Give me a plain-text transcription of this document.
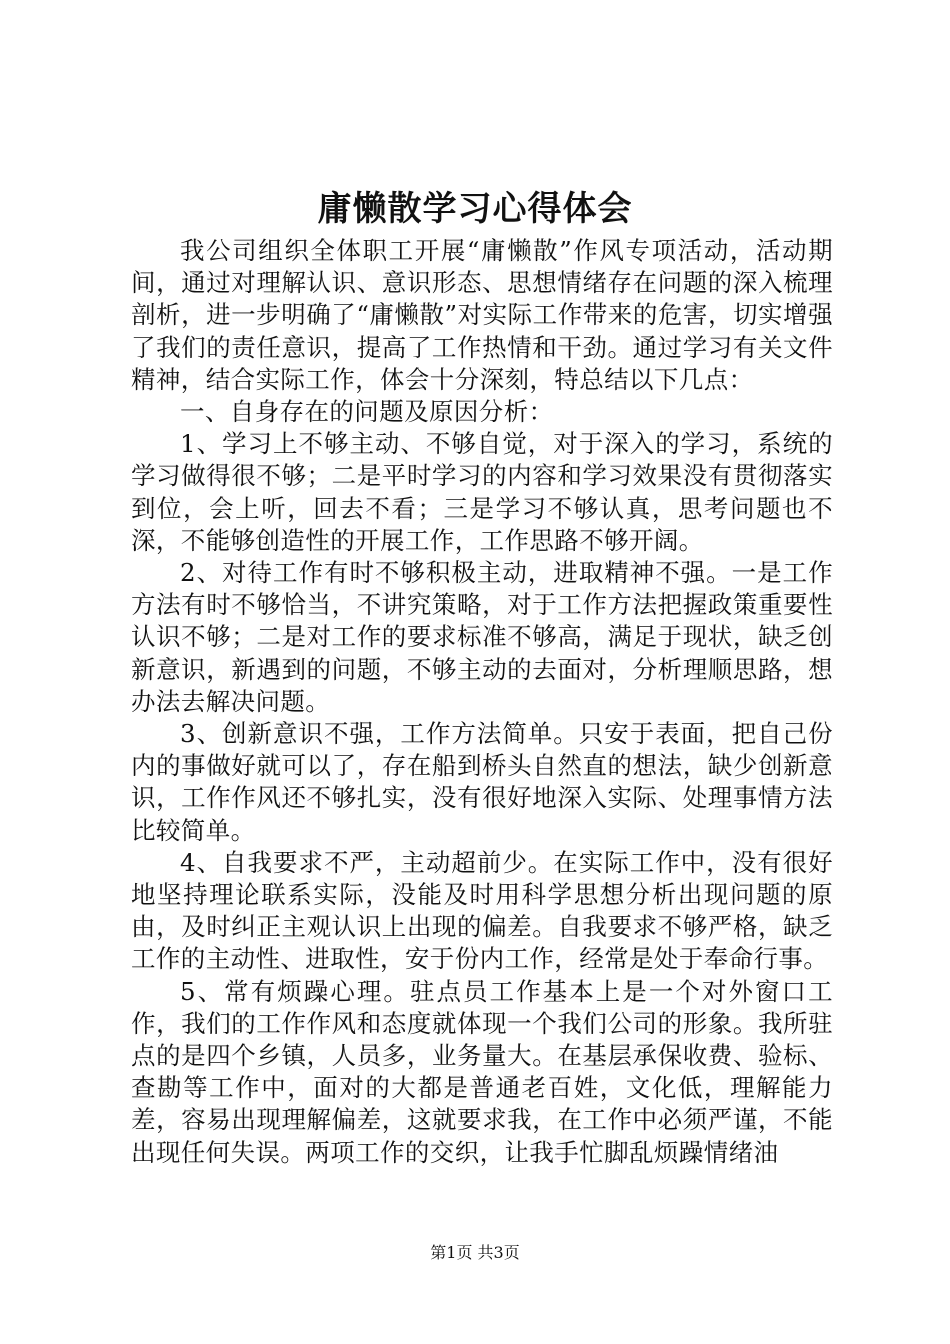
庸懒散学习心得体会

我公司组织全体职工开展“庸懒散”作风专项活动，活动期间，通过对理解认识、意识形态、思想情绪存在问题的深入梳理剖析，进一步明确了“庸懒散”对实际工作带来的危害，切实增强了我们的责任意识，提高了工作热情和干劲。通过学习有关文件精神，结合实际工作，体会十分深刻，特总结以下几点：

一、自身存在的问题及原因分析：

1、学习上不够主动、不够自觉，对于深入的学习，系统的学习做得很不够；二是平时学习的内容和学习效果没有贯彻落实到位，会上听，回去不看；三是学习不够认真，思考问题也不深，不能够创造性的开展工作，工作思路不够开阔。

2、对待工作有时不够积极主动，进取精神不强。一是工作方法有时不够恰当，不讲究策略，对于工作方法把握政策重要性认识不够；二是对工作的要求标准不够高，满足于现状，缺乏创新意识，新遇到的问题，不够主动的去面对，分析理顺思路，想办法去解决问题。

3、创新意识不强，工作方法简单。只安于表面，把自己份内的事做好就可以了，存在船到桥头自然直的想法，缺少创新意识，工作作风还不够扎实，没有很好地深入实际、处理事情方法比较简单。

4、自我要求不严，主动超前少。在实际工作中，没有很好地坚持理论联系实际，没能及时用科学思想分析出现问题的原由，及时纠正主观认识上出现的偏差。自我要求不够严格，缺乏工作的主动性、进取性，安于份内工作，经常是处于奉命行事。

5、常有烦躁心理。驻点员工作基本上是一个对外窗口工作，我们的工作作风和态度就体现一个我们公司的形象。我所驻点的是四个乡镇，人员多，业务量大。在基层承保收费、验标、查勘等工作中，面对的大都是普通老百姓，文化低，理解能力差，容易出现理解偏差，这就要求我，在工作中必须严谨，不能出现任何失误。两项工作的交织，让我手忙脚乱烦躁情绪油

第1页 共3页
